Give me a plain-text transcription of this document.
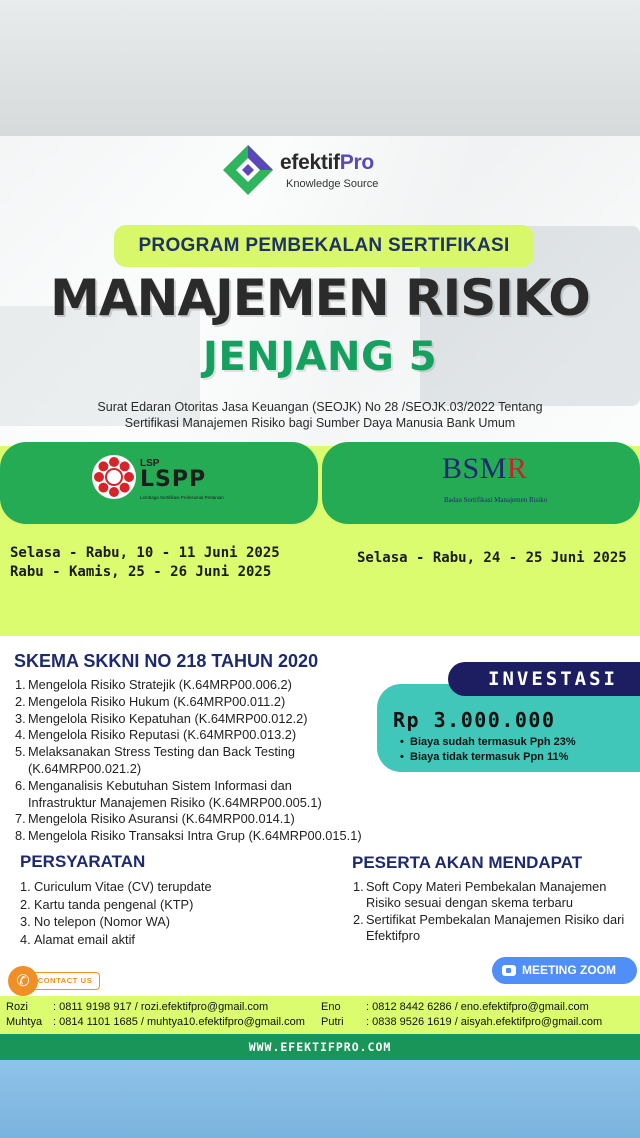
efektifPro
Knowledge Source
PROGRAM PEMBEKALAN SERTIFIKASI
MANAJEMEN RISIKO
JENJANG 5
Surat Edaran Otoritas Jasa Keuangan (SEOJK) No 28 /SEOJK.03/2022 Tentang
Sertifikasi Manajemen Risiko bagi Sumber Daya Manusia Bank Umum
LSP
LSPP
Lembaga Sertifikasi Profesional Pertanian
BSMR
Badan Sertifikasi Manajemen Risiko
Selasa - Rabu, 10 - 11 Juni 2025
Rabu - Kamis, 25 - 26 Juni 2025
Selasa - Rabu, 24 - 25 Juni 2025
SKEMA SKKNI NO 218 TAHUN 2020
1. Mengelola Risiko Stratejik (K.64MRP00.006.2)
2. Mengelola Risiko Hukum (K.64MRP00.011.2)
3. Mengelola Risiko Kepatuhan (K.64MRP00.012.2)
4. Mengelola Risiko Reputasi (K.64MRP00.013.2)
5. Melaksanakan Stress Testing dan Back Testing (K.64MRP00.021.2)
6. Menganalisis Kebutuhan Sistem Informasi dan Infrastruktur Manajemen Risiko (K.64MRP00.005.1)
7. Mengelola Risiko Asuransi (K.64MRP00.014.1)
8. Mengelola Risiko Transaksi Intra Grup (K.64MRP00.015.1)
INVESTASI
Rp 3.000.000
• Biaya sudah termasuk Pph 23%
• Biaya tidak termasuk Ppn 11%
PERSYARATAN
1. Curiculum Vitae (CV) terupdate
2. Kartu tanda pengenal (KTP)
3. No telepon (Nomor WA)
4. Alamat email aktif
PESERTA AKAN MENDAPAT
1. Soft Copy Materi Pembekalan Manajemen Risiko sesuai dengan skema terbaru
2. Sertifikat Pembekalan Manajemen Risiko dari Efektifpro
MEETING ZOOM
CONTACT US
✆
Rozi : 0811 9198 917 / rozi.efektifpro@gmail.com
Muhtya : 0814 1101 1685 / muhtya10.efektifpro@gmail.com
Eno : 0812 8442 6286 / eno.efektifpro@gmail.com
Putri : 0838 9526 1619 / aisyah.efektifpro@gmail.com
WWW.EFEKTIFPRO.COM
